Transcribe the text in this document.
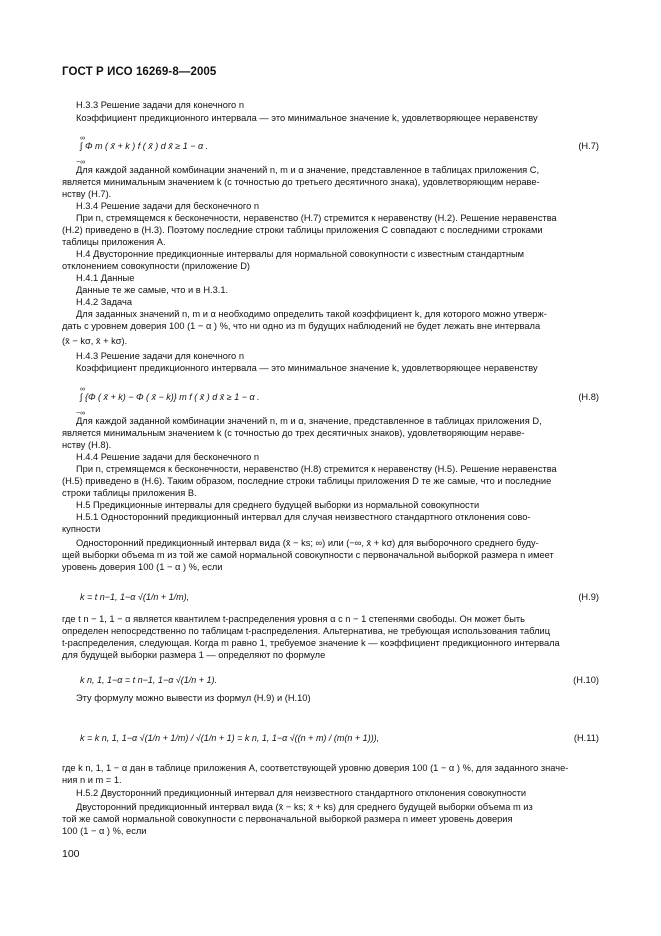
ГОСТ Р ИСО 16269-8—2005
Н.3.3 Решение задачи для конечного n
Коэффициент предикционного интервала — это минимальное значение k, удовлетворяющее неравенству
Для каждой заданной комбинации значений n, m и α значение, представленное в таблицах приложения С,
является минимальным значением k (с точностью до третьего десятичного знака), удовлетворяющим нераве-
нству (Н.7).
Н.3.4 Решение задачи для бесконечного n
При n, стремящемся к бесконечности, неравенство (Н.7) стремится к неравенству (Н.2). Решение неравенства
(Н.2) приведено в (Н.3). Поэтому последние строки таблицы приложения С совпадают с последними строками
таблицы приложения А.
Н.4 Двусторонние предикционные интервалы для нормальной совокупности с известным стандартным
отклонением совокупности (приложение D)
Н.4.1 Данные
Данные те же самые, что и в Н.3.1.
Н.4.2 Задача
Для заданных значений n, m и α необходимо определить такой коэффициент k, для которого можно утверж-
дать с уровнем доверия 100 (1 − α ) %, что ни одно из m будущих наблюдений не будет лежать вне интервала
(x̄ − kσ, x̄ + kσ).
Н.4.3 Решение задачи для конечного n
Коэффициент предикционного интервала — это минимальное значение k, удовлетворяющее неравенству
Для каждой заданной комбинации значений n, m и α, значение, представленное в таблицах приложения D,
является минимальным значением k (с точностью до трех десятичных знаков), удовлетворяющим нераве-
нству (Н.8).
Н.4.4 Решение задачи для бесконечного n
При n, стремящемся к бесконечности, неравенство (Н.8) стремится к неравенству (Н.5). Решение неравенства
(Н.5) приведено в (Н.6). Таким образом, последние строки таблицы приложения D те же самые, что и последние
строки таблицы приложения В.
Н.5 Предикционные интервалы для среднего будущей выборки из нормальной совокупности
Н.5.1 Односторонний предикционный интервал для случая неизвестного стандартного отклонения сово-
купности
Односторонний предикционный интервал вида (x̄ − ks; ∞) или (−∞, x̄ + kσ) для выборочного среднего буду-
щей выборки объема m из той же самой нормальной совокупности с первоначальной выборкой размера n имеет
уровень доверия 100 (1 − α ) %, если
где t n − 1, 1 − α является квантилем t-распределения уровня α с n − 1 степенями свободы. Он может быть
определен непосредственно по таблицам t-распределения. Альтернатива, не требующая использования таблиц
t-распределения, следующая. Когда m равно 1, требуемое значение k — коэффициент предикционного интервала
для будущей выборки размера 1 — определяют по формуле
Эту формулу можно вывести из формул (Н.9) и (Н.10)
где k n, 1, 1 − α дан в таблице приложения А, соответствующей уровню доверия 100 (1 − α ) %, для заданного значе-
ния n и m = 1.
Н.5.2 Двусторонний предикционный интервал для неизвестного стандартного отклонения совокупности
Двусторонний предикционный интервал вида (x̄ − ks; x̄ + ks) для среднего будущей выборки объема m из
той же самой нормальной совокупности с первоначальной выборкой размера n имеет уровень доверия
100 (1 − α ) %, если
∞
−∞
∫ Φ m ( x̄ + k ) f ( x̄ ) d x̄ ≥ 1 − α .	(Н.7)
∞
−∞
∫ {Φ ( x̄ + k) − Φ ( x̄ − k)} m f ( x̄ ) d x̄ ≥ 1 − α .	(Н.8)
k = t n−1, 1−α √(1/n + 1/m),	(Н.9)
k n, 1, 1−α = t n−1, 1−α √(1/n + 1).	(Н.10)
k = k n, 1, 1−α √(1/n + 1/m) / √(1/n + 1) = k n, 1, 1−α √((n + m) / (m(n + 1))),	(Н.11)
100
